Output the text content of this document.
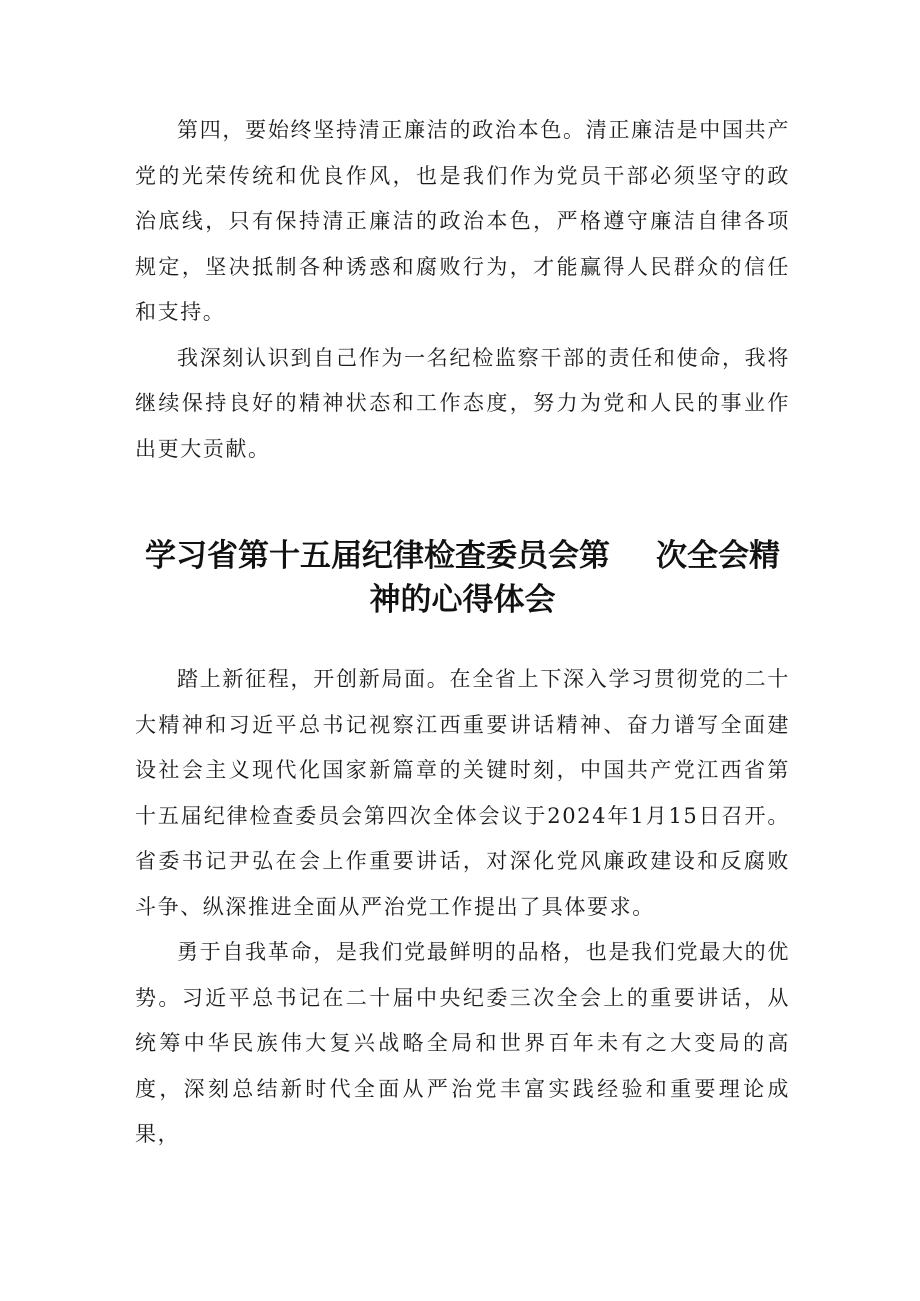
第四，要始终坚持清正廉洁的政治本色。清正廉洁是中国共产党的光荣传统和优良作风，也是我们作为党员干部必须坚守的政治底线，只有保持清正廉洁的政治本色，严格遵守廉洁自律各项规定，坚决抵制各种诱惑和腐败行为，才能赢得人民群众的信任和支持。

我深刻认识到自己作为一名纪检监察干部的责任和使命，我将继续保持良好的精神状态和工作态度，努力为党和人民的事业作出更大贡献。

学习省第十五届纪律检查委员会第 次全会精神的心得体会

踏上新征程，开创新局面。在全省上下深入学习贯彻党的二十大精神和习近平总书记视察江西重要讲话精神、奋力谱写全面建设社会主义现代化国家新篇章的关键时刻，中国共产党江西省第十五届纪律检查委员会第四次全体会议于2024年1月15日召开。省委书记尹弘在会上作重要讲话，对深化党风廉政建设和反腐败斗争、纵深推进全面从严治党工作提出了具体要求。

勇于自我革命，是我们党最鲜明的品格，也是我们党最大的优势。习近平总书记在二十届中央纪委三次全会上的重要讲话，从统筹中华民族伟大复兴战略全局和世界百年未有之大变局的高度，深刻总结新时代全面从严治党丰富实践经验和重要理论成果，
